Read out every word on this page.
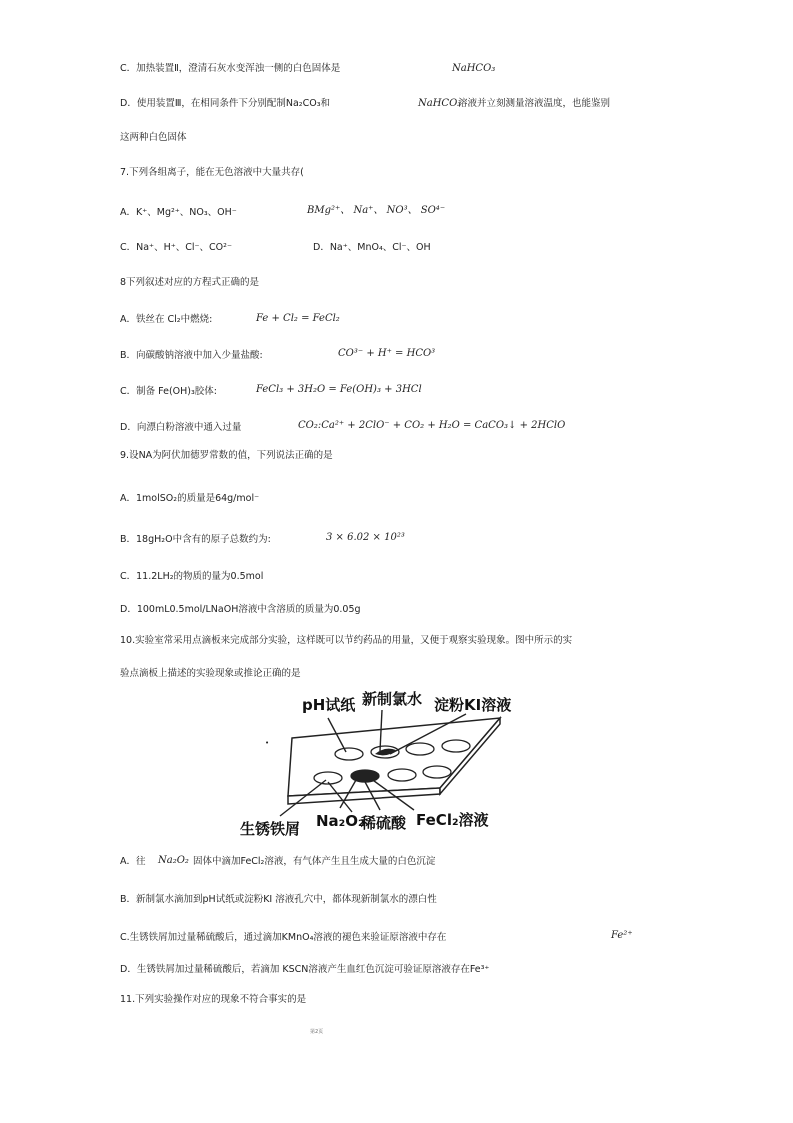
C．加热装置Ⅱ，澄清石灰水变浑浊一侧的白色固体是	NaHCO₃
D．使用装置Ⅲ，在相同条件下分别配制Na₂CO₃和	NaHCO₃
溶液并立刻测量溶液温度，也能鉴别
这两种白色固体
7.下列各组离子，能在无色溶液中大量共存(
A．K⁺、Mg²⁺、NO₃、OH⁻	BMg²⁺、 Na⁺、 NO³、 SO⁴⁻
C．Na⁺、H⁺、Cl⁻、CO²⁻	D．Na⁺、MnO₄、Cl⁻、OH
8下列叙述对应的方程式正确的是
A．铁丝在 Cl₂中燃烧:	Fe + Cl₂ = FeCl₂
B．向碳酸钠溶液中加入少量盐酸:	CO³⁻ + H⁺ = HCO³
C．制备 Fe(OH)₃胶体:	FeCl₃ + 3H₂O = Fe(OH)₃ + 3HCl
D．向漂白粉溶液中通入过量	CO₂:Ca²⁺ + 2ClO⁻ + CO₂ + H₂O = CaCO₃↓ + 2HClO
9.设NA为阿伏加德罗常数的值，下列说法正确的是
A．1molSO₂的质量是64g/mol⁻
B．18gH₂O中含有的原子总数约为:	3 × 6.02 × 10²³
C．11.2LH₂的物质的量为0.5mol
D．100mL0.5mol/LNaOH溶液中含溶质的质量为0.05g
10.实验室常采用点滴板来完成部分实验，这样既可以节约药品的用量，又便于观察实验现象。图中所示的实
验点滴板上描述的实验现象或推论正确的是
•
pH试纸 新制氯水 淀粉KI溶液
生锈铁屑 Na₂O₂
稀硫酸 FeCl₂溶液
A．往 Na₂O₂ 固体中滴加FeCl₂溶液，有气体产生且生成大量的白色沉淀
B．新制氯水滴加到pH试纸或淀粉KI 溶液孔穴中，都体现新制氯水的漂白性
C.生锈铁屑加过量稀硫酸后，通过滴加KMnO₄溶液的褪色来验证原溶液中存在	Fe²⁺
D．生锈铁屑加过量稀硫酸后，若滴加 KSCN溶液产生血红色沉淀可验证原溶液存在Fe³⁺
11.下列实验操作对应的现象不符合事实的是
第2页
